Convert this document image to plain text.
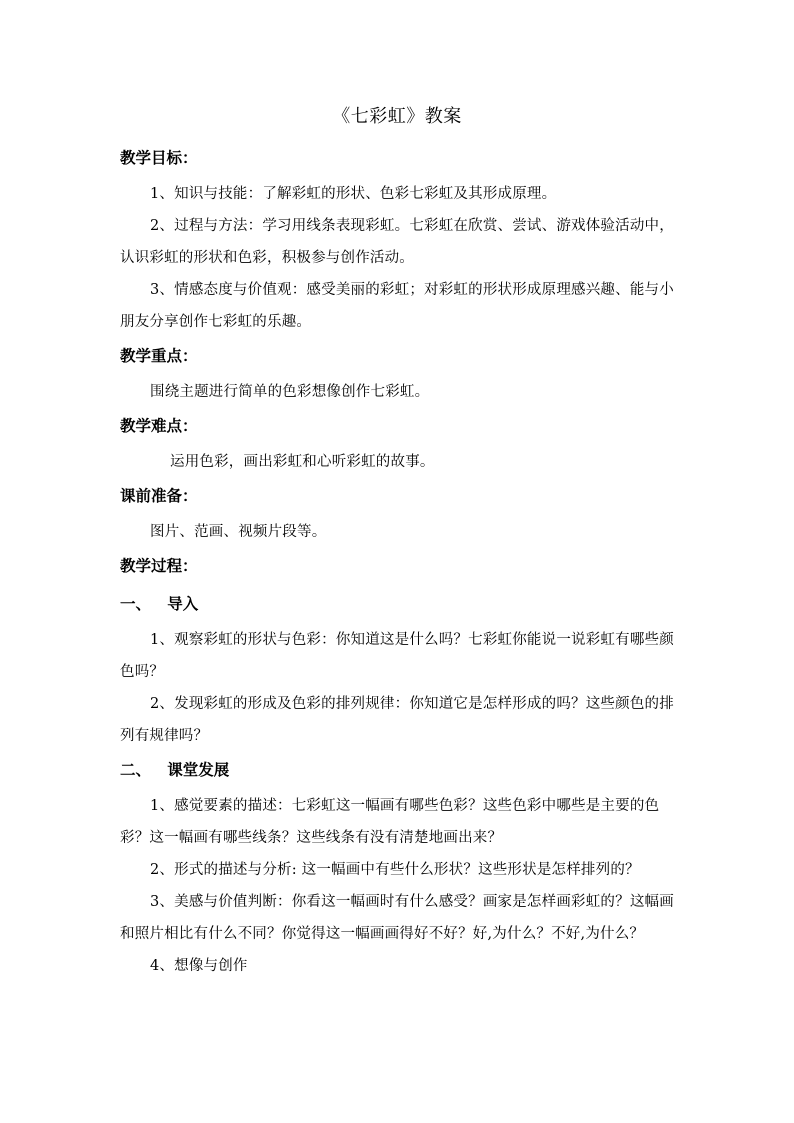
《七彩虹》教案

教学目标：

1、知识与技能：了解彩虹的形状、色彩七彩虹及其形成原理。

2、过程与方法：学习用线条表现彩虹。七彩虹在欣赏、尝试、游戏体验活动中，认识彩虹的形状和色彩，积极参与创作活动。

3、情感态度与价值观：感受美丽的彩虹；对彩虹的形状形成原理感兴趣、能与小朋友分享创作七彩虹的乐趣。

教学重点：

围绕主题进行简单的色彩想像创作七彩虹。

教学难点：

运用色彩，画出彩虹和心听彩虹的故事。

课前准备：

图片、范画、视频片段等。

教学过程：

一、   导入

1、观察彩虹的形状与色彩：你知道这是什么吗？七彩虹你能说一说彩虹有哪些颜色吗？

2、发现彩虹的形成及色彩的排列规律：你知道它是怎样形成的吗？这些颜色的排列有规律吗？

二、   课堂发展

1、感觉要素的描述：七彩虹这一幅画有哪些色彩？这些色彩中哪些是主要的色彩？这一幅画有哪些线条？这些线条有没有清楚地画出来？

2、形式的描述与分析: 这一幅画中有些什么形状？这些形状是怎样排列的？

3、美感与价值判断：你看这一幅画时有什么感受？画家是怎样画彩虹的？这幅画和照片相比有什么不同？你觉得这一幅画画得好不好？好,为什么？不好,为什么？

4、想像与创作
